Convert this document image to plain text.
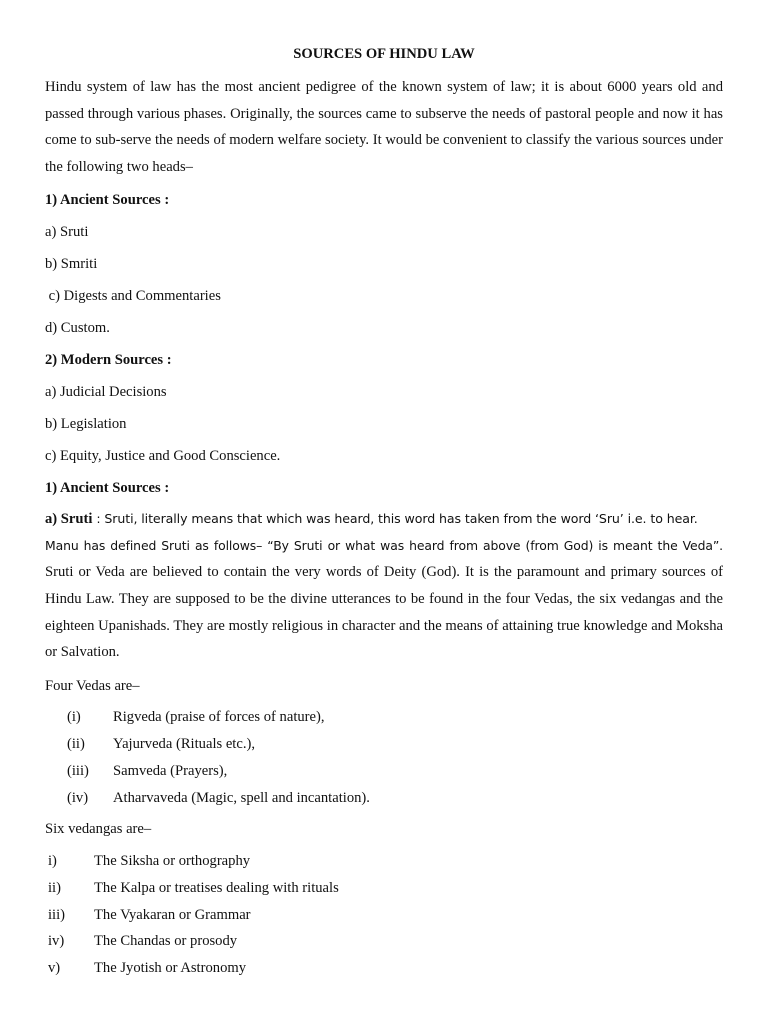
SOURCES OF HINDU LAW

Hindu system of law has the most ancient pedigree of the known system of law; it is about 6000 years old and passed through various phases. Originally, the sources came to subserve the needs of pastoral people and now it has come to sub-serve the needs of modern welfare society. It would be convenient to classify the various sources under the following two heads–

1) Ancient Sources :
a) Sruti
b) Smriti
c) Digests and Commentaries
d) Custom.
2) Modern Sources :
a) Judicial Decisions
b) Legislation
c) Equity, Justice and Good Conscience.
1) Ancient Sources :
a) Sruti : Sruti, literally means that which was heard, this word has taken from the word ‘Sru’ i.e. to hear.
Manu has defined Sruti as follows– “By Sruti or what was heard from above (from God) is meant the Veda”.

Sruti or Veda are believed to contain the very words of Deity (God). It is the paramount and primary sources of Hindu Law. They are supposed to be the divine utterances to be found in the four Vedas, the six vedangas and the eighteen Upanishads. They are mostly religious in character and the means of attaining true knowledge and Moksha or Salvation.

Four Vedas are–
(i) Rigveda (praise of forces of nature),
(ii) Yajurveda (Rituals etc.),
(iii) Samveda (Prayers),
(iv) Atharvaveda (Magic, spell and incantation).
Six vedangas are–
i)	The Siksha or orthography
ii) The Kalpa or treatises dealing with rituals
iii) The Vyakaran or Grammar
iv) The Chandas or prosody
v) The Jyotish or Astronomy
